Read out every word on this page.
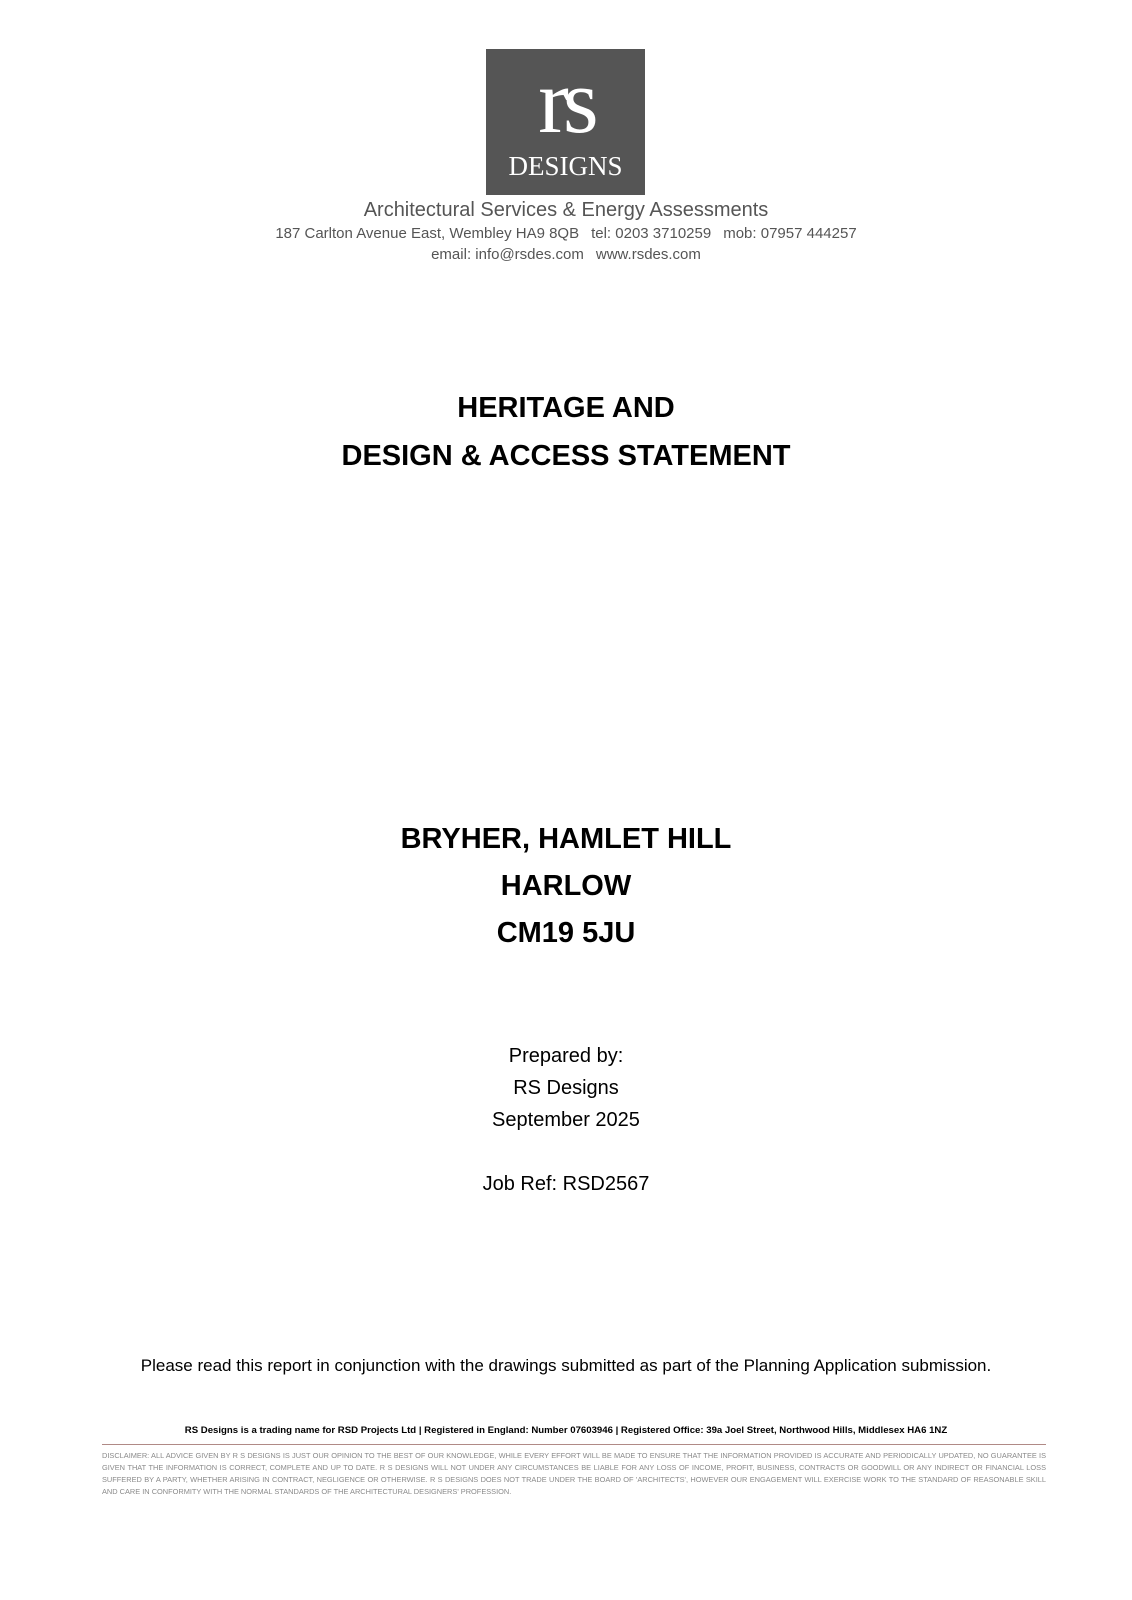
rs
DESIGNS
Architectural Services & Energy Assessments
187 Carlton Avenue East, Wembley HA9 8QB tel: 0203 3710259 mob: 07957 444257
email: info@rsdes.com www.rsdes.com
HERITAGE AND
DESIGN & ACCESS STATEMENT
BRYHER, HAMLET HILL
HARLOW
CM19 5JU
Prepared by:
RS Designs
September 2025
Job Ref: RSD2567
Please read this report in conjunction with the drawings submitted as part of the Planning Application submission.
RS Designs is a trading name for RSD Projects Ltd | Registered in England: Number 07603946 | Registered Office: 39a Joel Street, Northwood Hills, Middlesex HA6 1NZ
DISCLAIMER: ALL ADVICE GIVEN BY R S DESIGNS IS JUST OUR OPINION TO THE BEST OF OUR KNOWLEDGE, WHILE EVERY EFFORT WILL BE MADE TO ENSURE THAT THE INFORMATION PROVIDED IS ACCURATE AND PERIODICALLY UPDATED, NO GUARANTEE IS GIVEN THAT THE INFORMATION IS CORRECT, COMPLETE AND UP TO DATE. R S DESIGNS WILL NOT UNDER ANY CIRCUMSTANCES BE LIABLE FOR ANY LOSS OF INCOME, PROFIT, BUSINESS, CONTRACTS OR GOODWILL OR ANY INDIRECT OR FINANCIAL LOSS SUFFERED BY A PARTY, WHETHER ARISING IN CONTRACT, NEGLIGENCE OR OTHERWISE. R S DESIGNS DOES NOT TRADE UNDER THE BOARD OF 'ARCHITECTS', HOWEVER OUR ENGAGEMENT WILL EXERCISE WORK TO THE STANDARD OF REASONABLE SKILL AND CARE IN CONFORMITY WITH THE NORMAL STANDARDS OF THE ARCHITECTURAL DESIGNERS' PROFESSION.
